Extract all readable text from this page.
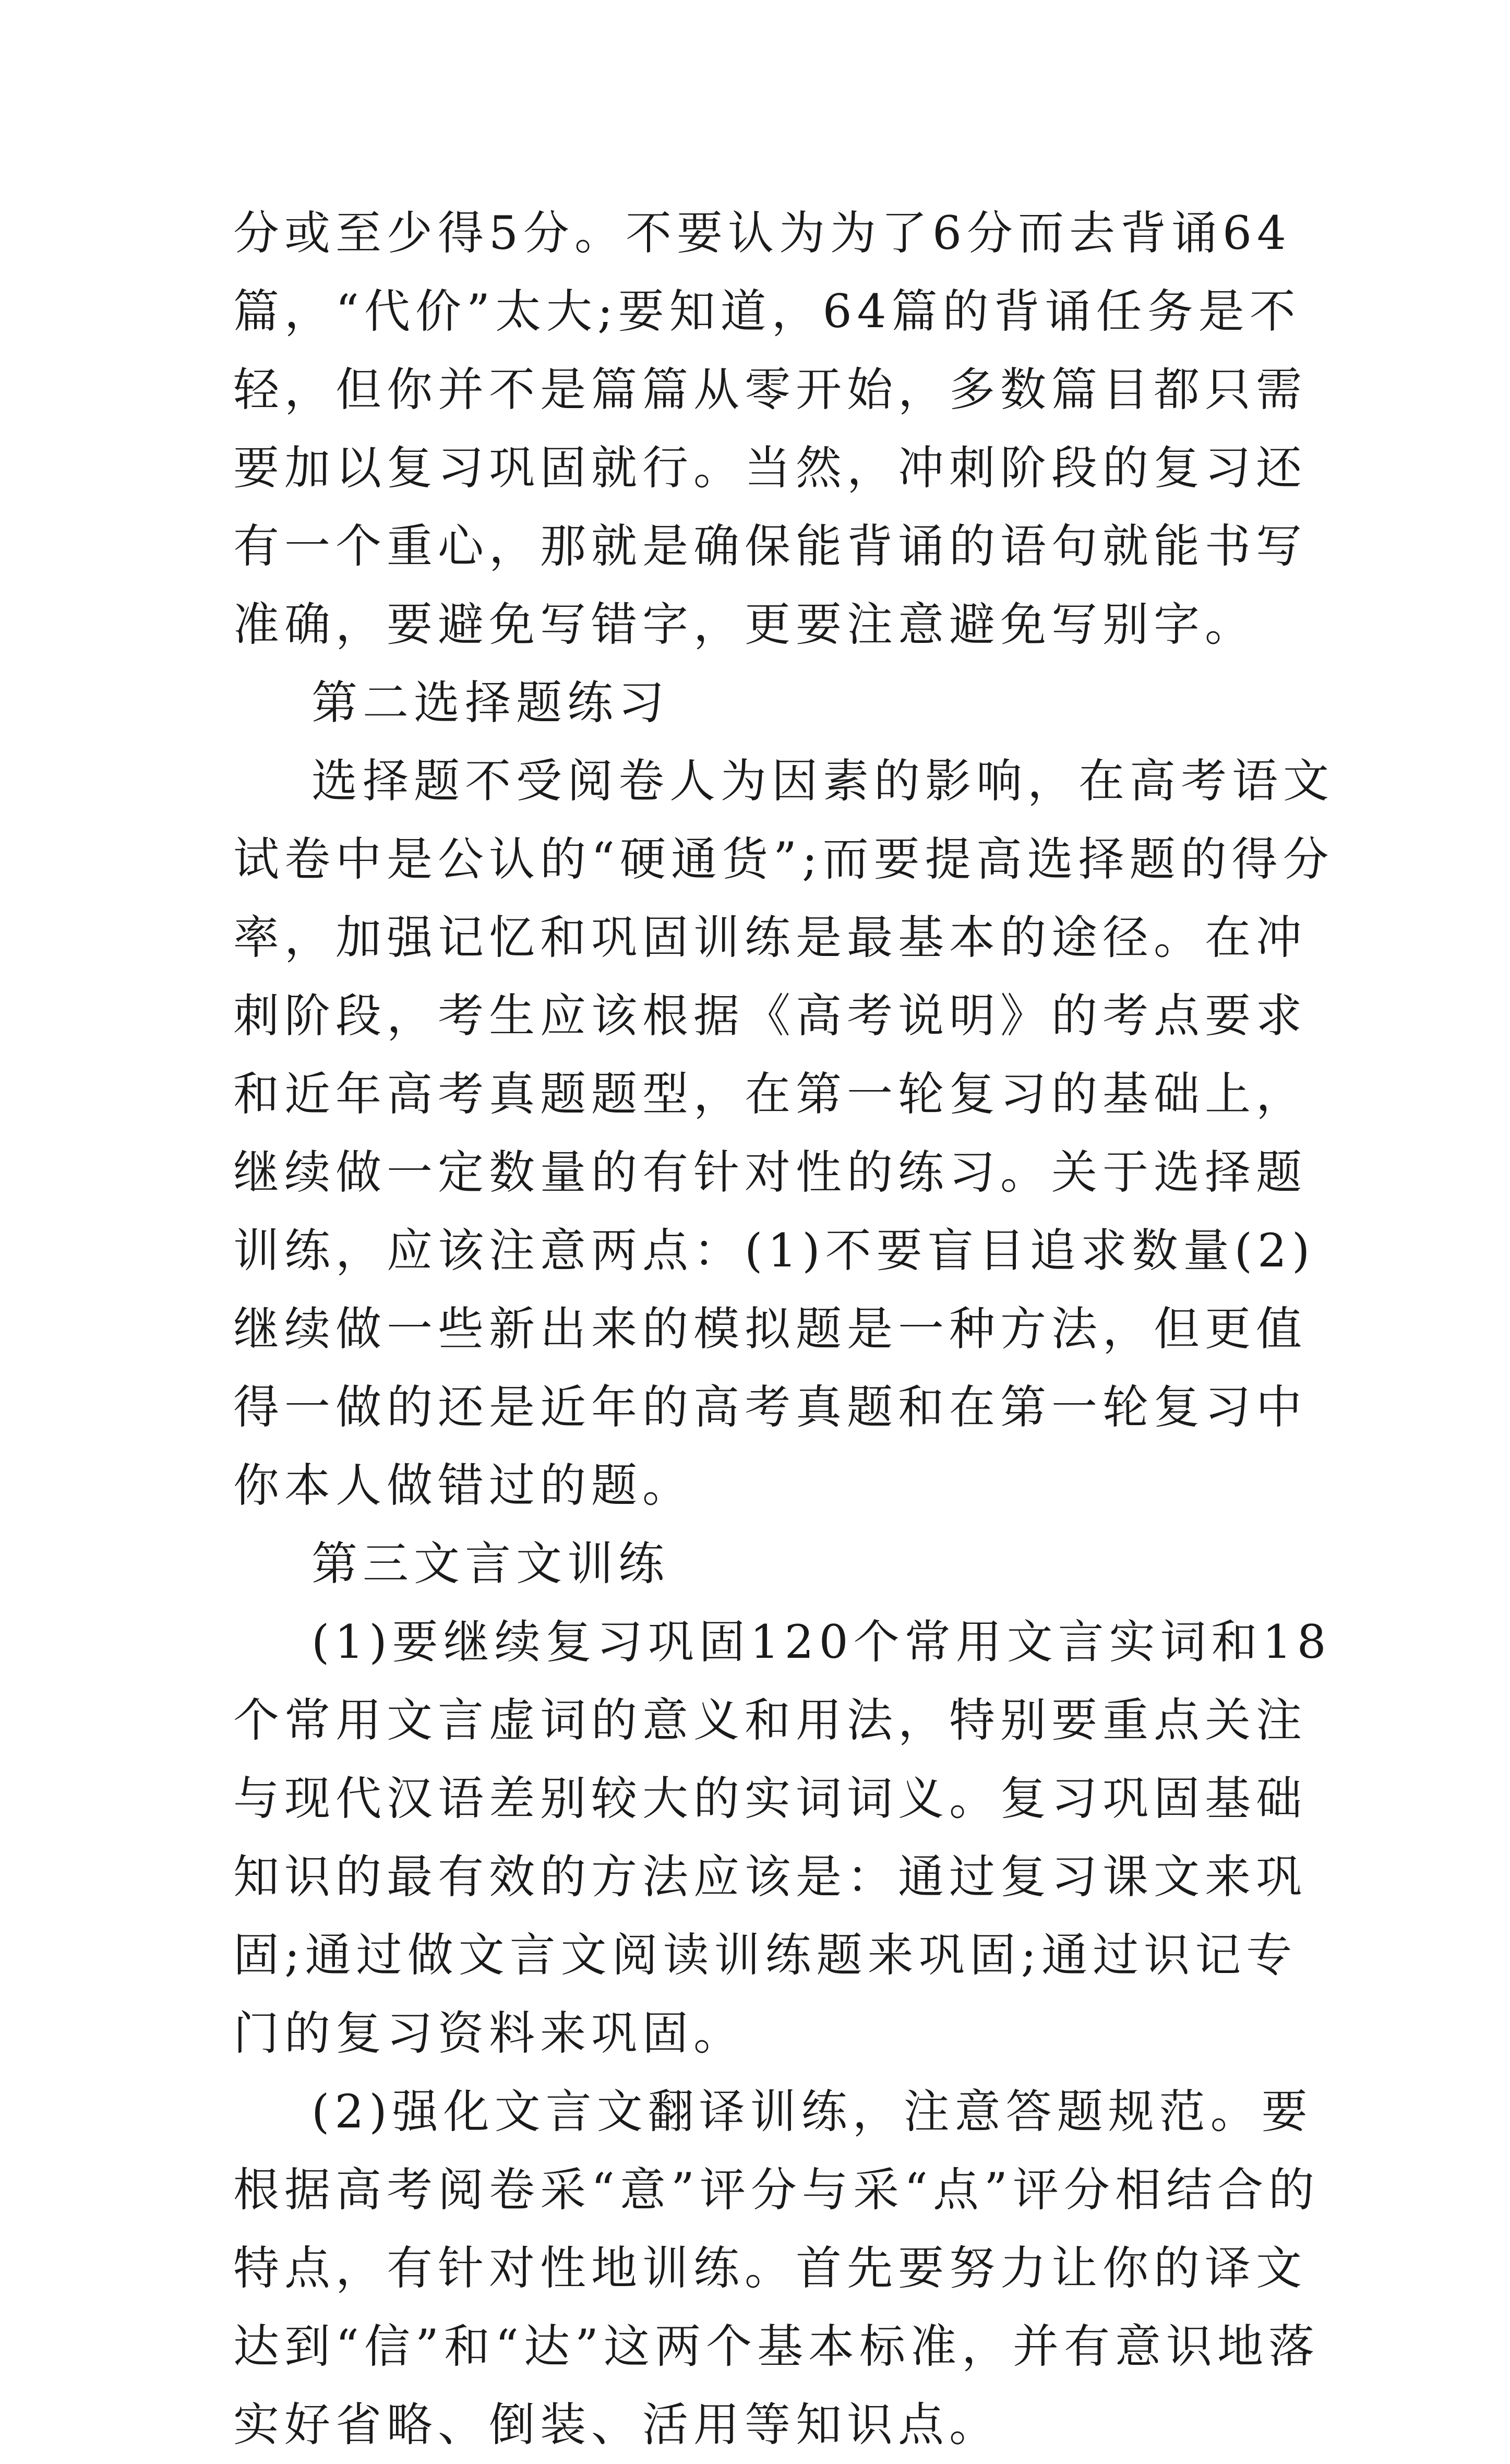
分或至少得5分。不要认为为了6分而去背诵64篇，“代价”太大;要知道，64篇的背诵任务是不轻，但你并不是篇篇从零开始，多数篇目都只需要加以复习巩固就行。当然，冲刺阶段的复习还有一个重心，那就是确保能背诵的语句就能书写准确，要避免写错字，更要注意避免写别字。

第二选择题练习

选择题不受阅卷人为因素的影响，在高考语文试卷中是公认的“硬通货”;而要提高选择题的得分率，加强记忆和巩固训练是最基本的途径。在冲刺阶段，考生应该根据《高考说明》的考点要求和近年高考真题题型，在第一轮复习的基础上，继续做一定数量的有针对性的练习。关于选择题训练，应该注意两点：(1)不要盲目追求数量(2)继续做一些新出来的模拟题是一种方法，但更值得一做的还是近年的高考真题和在第一轮复习中你本人做错过的题。

第三文言文训练

(1)要继续复习巩固120个常用文言实词和18个常用文言虚词的意义和用法，特别要重点关注与现代汉语差别较大的实词词义。复习巩固基础知识的最有效的方法应该是：通过复习课文来巩固;通过做文言文阅读训练题来巩固;通过识记专门的复习资料来巩固。

(2)强化文言文翻译训练，注意答题规范。要根据高考阅卷采“意”评分与采“点”评分相结合的特点，有针对性地训练。首先要努力让你的译文达到“信”和“达”这两个基本标准，并有意识地落实好省略、倒装、活用等知识点。
